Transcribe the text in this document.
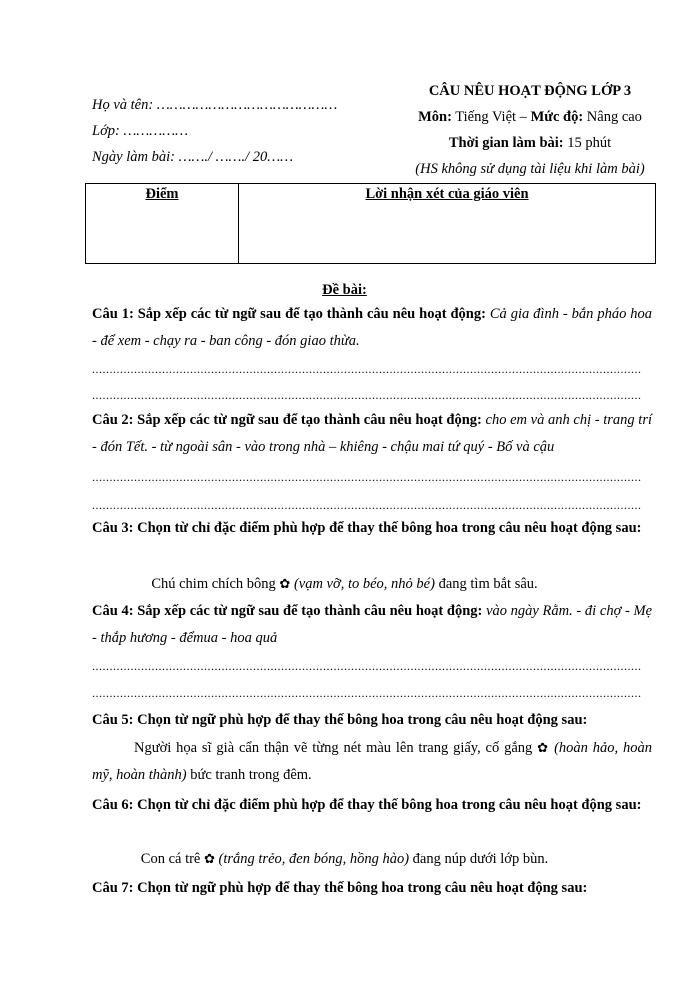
Họ và tên: ……………………………………
Lớp: ……………
Ngày làm bài: ……./ ……./ 20……
CÂU NÊU HOẠT ĐỘNG LỚP 3
Môn: Tiếng Việt – Mức độ: Nâng cao
Thời gian làm bài: 15 phút
(HS không sử dụng tài liệu khi làm bài)
Điểm	Lời nhận xét của giáo viên
Đề bài:
Câu 1: Sắp xếp các từ ngữ sau để tạo thành câu nêu hoạt động: Cả gia đình - bắn pháo hoa - để xem - chạy ra - ban công - đón giao thừa.
.............................................................................................................................................................
.............................................................................................................................................................
Câu 2: Sắp xếp các từ ngữ sau để tạo thành câu nêu hoạt động: cho em và anh chị - trang trí - đón Tết. - từ ngoài sân - vào trong nhà – khiêng - chậu mai tứ quý - Bố và cậu
.............................................................................................................................................................
.............................................................................................................................................................
Câu 3: Chọn từ chỉ đặc điểm phù hợp để thay thế bông hoa trong câu nêu hoạt động sau:
Chú chim chích bông ✿ (vạm vỡ, to béo, nhỏ bé) đang tìm bắt sâu.
Câu 4: Sắp xếp các từ ngữ sau để tạo thành câu nêu hoạt động: vào ngày Rằm. - đi chợ - Mẹ - thắp hương - đểmua - hoa quả
.............................................................................................................................................................
.............................................................................................................................................................
Câu 5: Chọn từ ngữ phù hợp để thay thế bông hoa trong câu nêu hoạt động sau:
Người họa sĩ già cẩn thận vẽ từng nét màu lên trang giấy, cố gắng ✿ (hoàn hảo, hoàn mỹ, hoàn thành) bức tranh trong đêm.
Câu 6: Chọn từ chỉ đặc điểm phù hợp để thay thế bông hoa trong câu nêu hoạt động sau:
Con cá trê ✿ (trắng trẻo, đen bóng, hồng hào) đang núp dưới lớp bùn.
Câu 7: Chọn từ ngữ phù hợp để thay thế bông hoa trong câu nêu hoạt động sau:
